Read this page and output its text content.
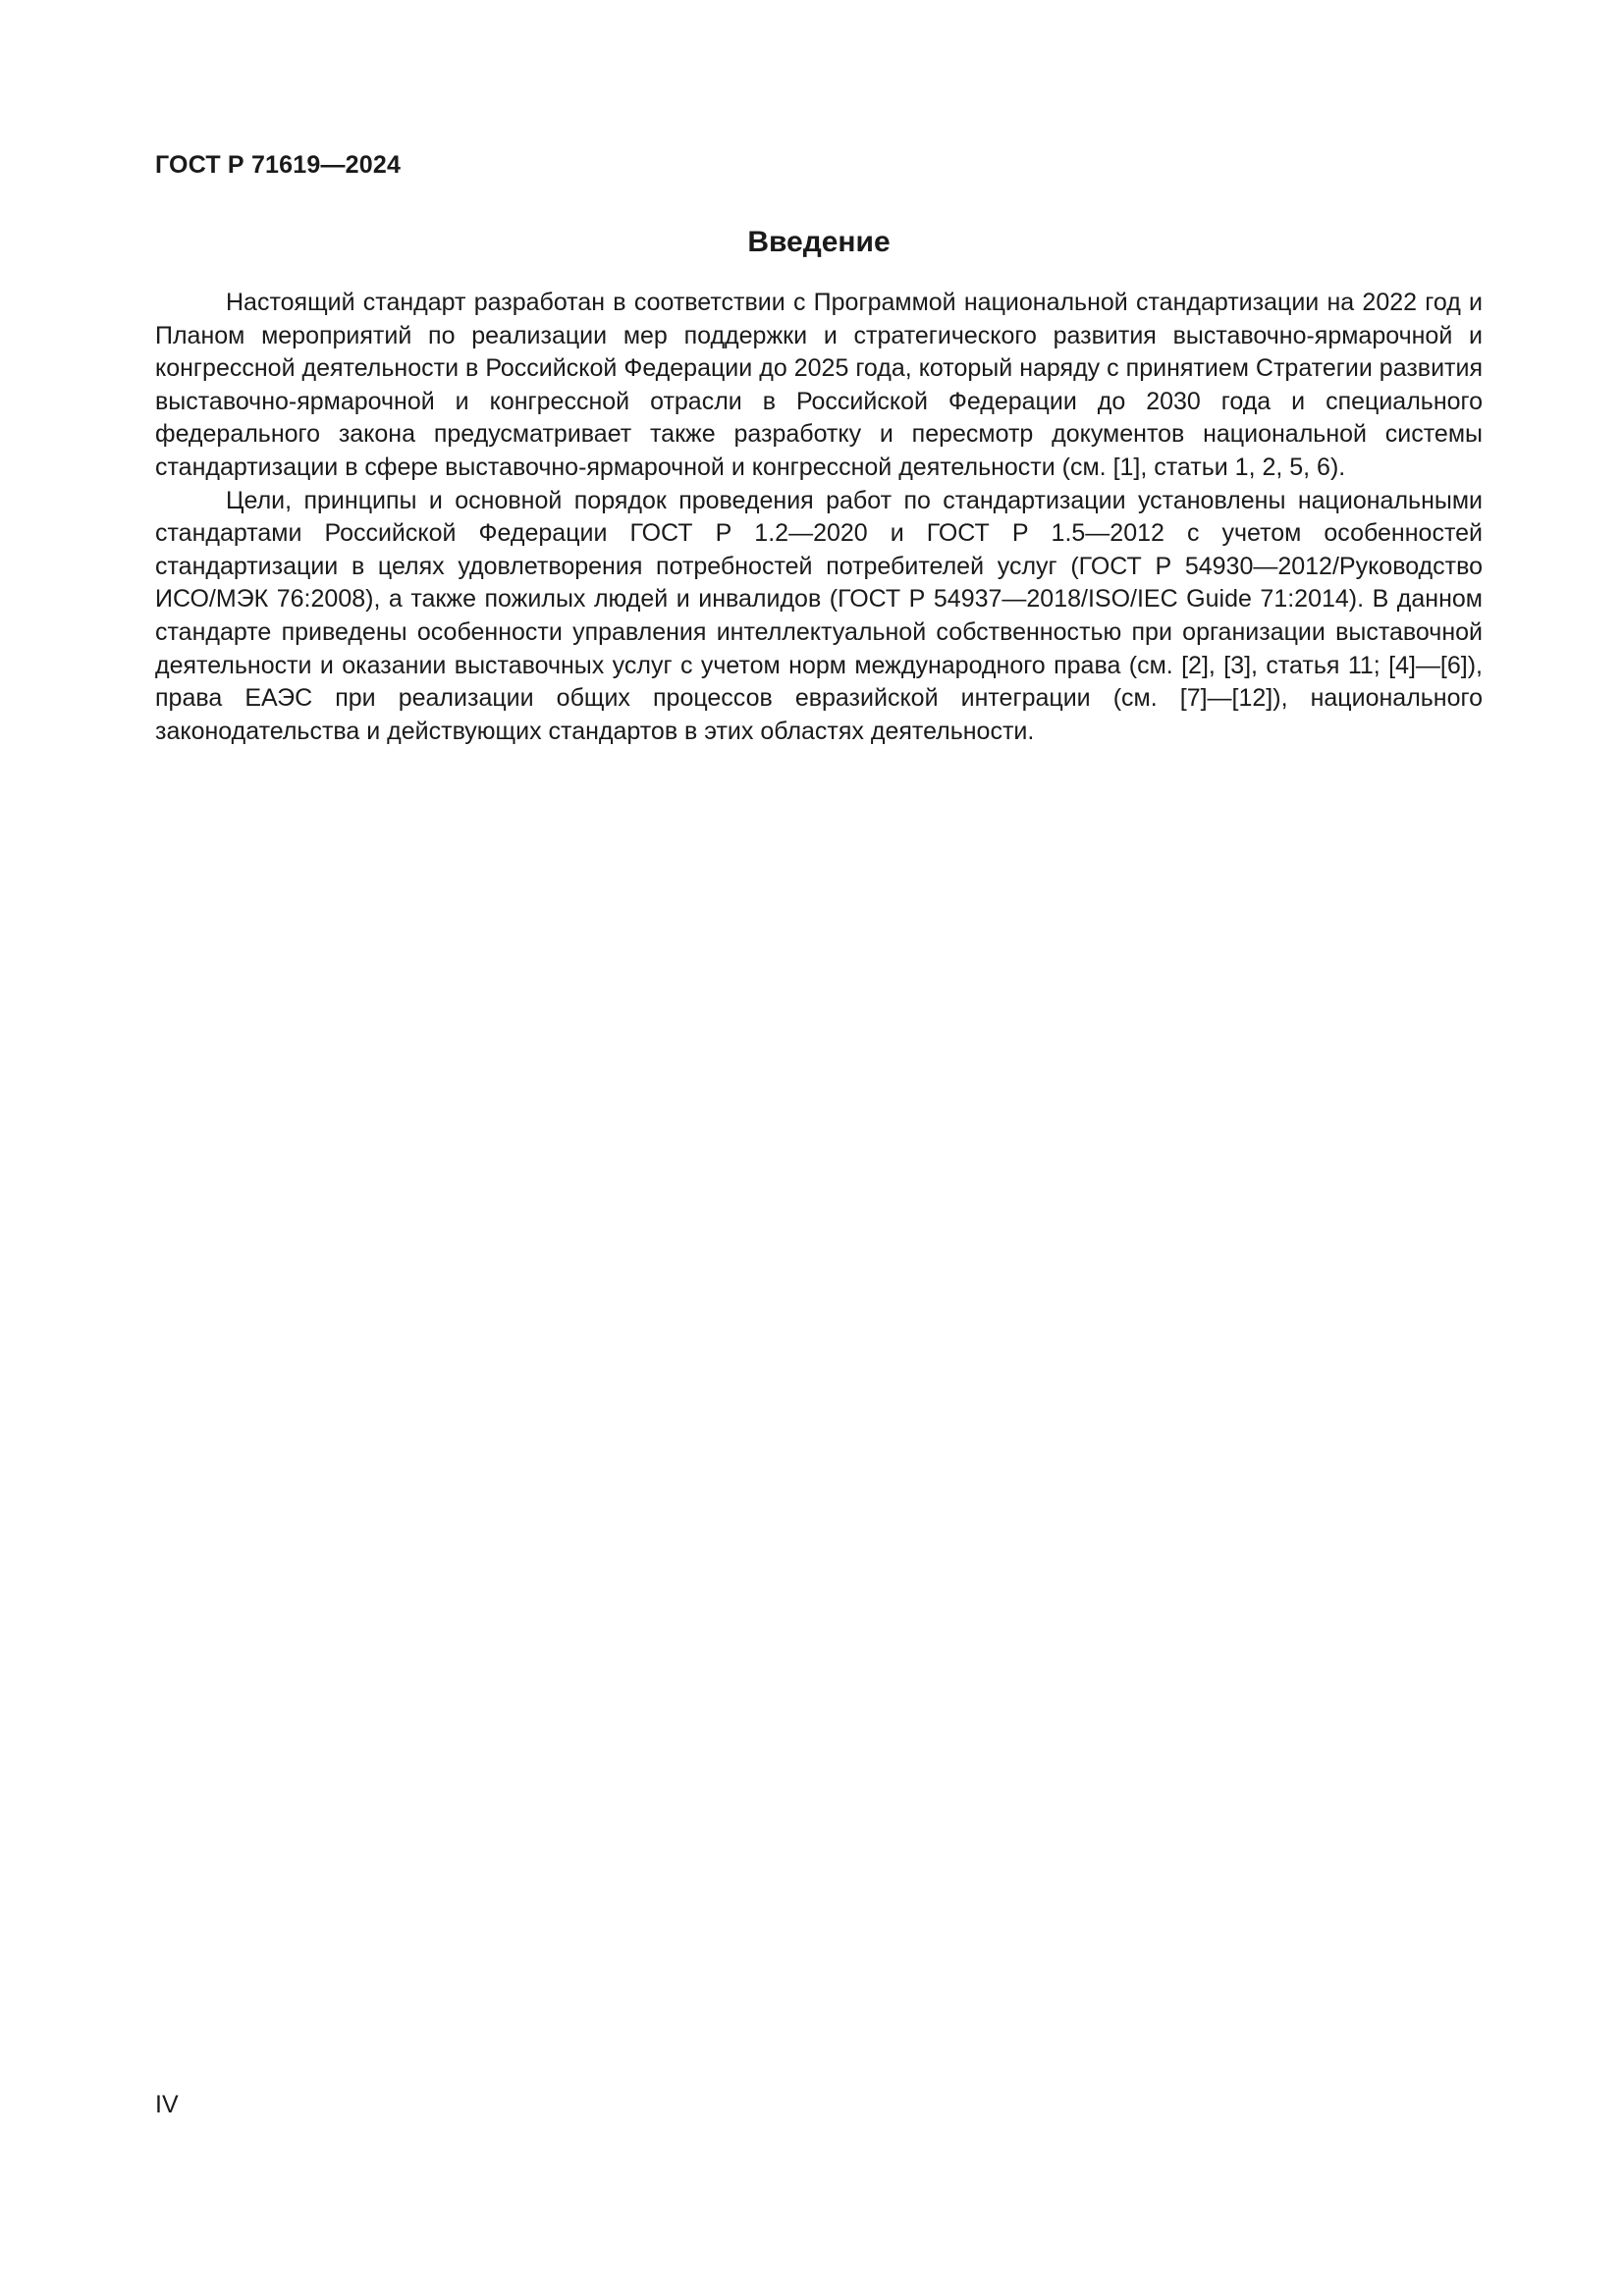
ГОСТ Р 71619—2024
Введение

Настоящий стандарт разработан в соответствии с Программой национальной стандартизации на 2022 год и Планом мероприятий по реализации мер поддержки и стратегического развития выставочно-ярмарочной и конгрессной деятельности в Российской Федерации до 2025 года, который наряду с принятием Стратегии развития выставочно-ярмарочной и конгрессной отрасли в Российской Федерации до 2030 года и специального федерального закона предусматривает также разработку и пересмотр документов национальной системы стандартизации в сфере выставочно-ярмарочной и конгрессной деятельности (см. [1], статьи 1, 2, 5, 6).

Цели, принципы и основной порядок проведения работ по стандартизации установлены национальными стандартами Российской Федерации ГОСТ Р 1.2—2020 и ГОСТ Р 1.5—2012 с учетом особенностей стандартизации в целях удовлетворения потребностей потребителей услуг (ГОСТ Р 54930—2012/Руководство ИСО/МЭК 76:2008), а также пожилых людей и инвалидов (ГОСТ Р 54937—2018/ISO/IEC Guide 71:2014). В данном стандарте приведены особенности управления интеллектуальной собственностью при организации выставочной деятельности и оказании выставочных услуг с учетом норм международного права (см. [2], [3], статья 11; [4]—[6]), права ЕАЭС при реализации общих процессов евразийской интеграции (см. [7]—[12]), национального законодательства и действующих стандартов в этих областях деятельности.

IV
